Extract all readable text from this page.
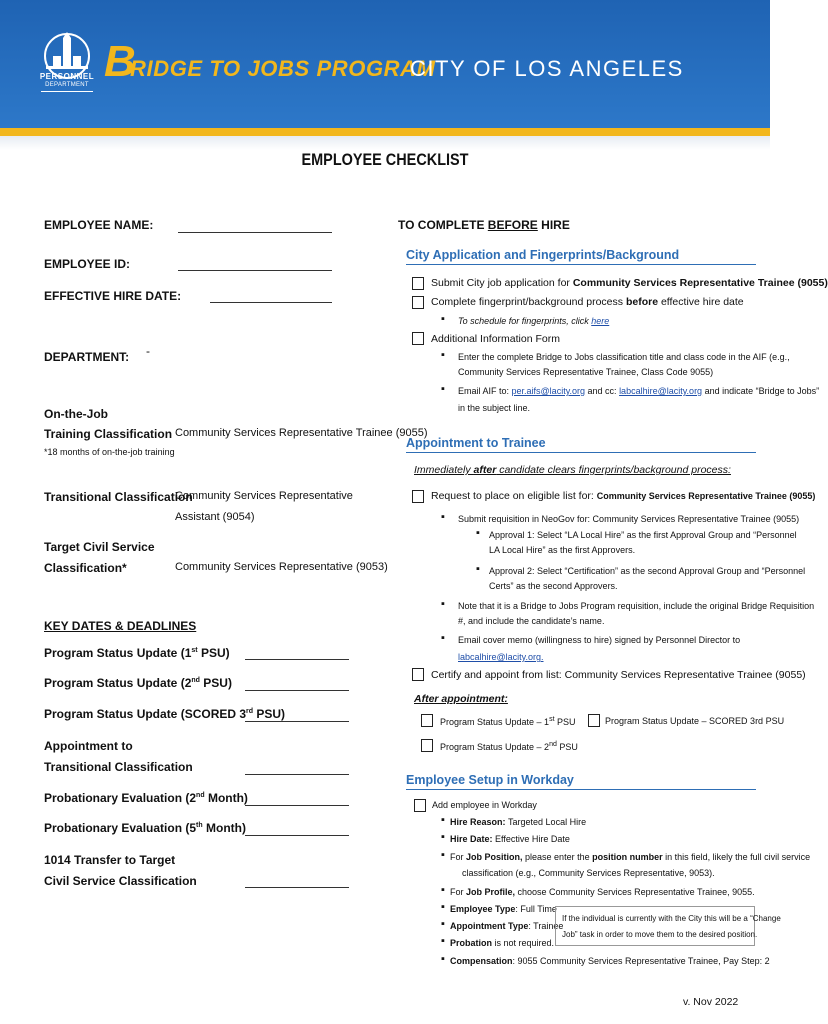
PERSONNEL
DEPARTMENT B
RIDGE TO JOBS PROGRAM
CITY OF LOS ANGELES
EMPLOYEE CHECKLIST
EMPLOYEE NAME:
EMPLOYEE ID:
EFFECTIVE HIRE DATE:
DEPARTMENT: -
On-the-Job
Training Classification Community Services Representative Trainee (9055)
*18 months of on-the-job training
Transitional Classification
Community Services Representative
Assistant (9054)
Target Civil Service
Classification*	Community Services Representative (9053)
KEY DATES & DEADLINES
Program Status Update (1st PSU)
Program Status Update (2nd PSU)
Program Status Update (SCORED 3rd PSU)
Appointment to
Transitional Classification
Probationary Evaluation (2nd Month)
Probationary Evaluation (5th Month)
1014 Transfer to Target
Civil Service Classification
TO COMPLETE BEFORE HIRE
City Application and Fingerprints/Background
Submit City job application for Community Services Representative Trainee (9055)
Complete fingerprint/background process before effective hire date
▪ To schedule for fingerprints, click here
Additional Information Form
▪ Enter the complete Bridge to Jobs classification title and class code in the AIF (e.g.,
Community Services Representative Trainee, Class Code 9055)
▪ Email AIF to: per.aifs@lacity.org and cc: labcalhire@lacity.org and indicate “Bridge to Jobs”
in the subject line.
Appointment to Trainee
Immediately after candidate clears fingerprints/background process:
Request to place on eligible list for: Community Services Representative Trainee (9055)
▪ Submit requisition in NeoGov for: Community Services Representative Trainee (9055)
▪ Approval 1: Select “LA Local Hire” as the first Approval Group and “Personnel
LA Local Hire” as the first Approvers.
▪ Approval 2: Select “Certification” as the second Approval Group and “Personnel
Certs” as the second Approvers.
▪ Note that it is a Bridge to Jobs Program requisition, include the original Bridge Requisition
#, and include the candidate’s name.
▪ Email cover memo (willingness to hire) signed by Personnel Director to
labcalhire@lacity.org.
Certify and appoint from list: Community Services Representative Trainee (9055)
After appointment:
Program Status Update – 1st PSU	Program Status Update – SCORED 3rd PSU
Program Status Update – 2nd PSU
Employee Setup in Workday
Add employee in Workday
▪ Hire Reason: Targeted Local Hire
▪ Hire Date: Effective Hire Date
▪ For Job Position, please enter the position number in this field, likely the full civil service
classification (e.g., Community Services Representative, 9053).
▪ For Job Profile, choose Community Services Representative Trainee, 9055.
▪ Employee Type: Full Time
▪ Appointment Type: Trainee
▪ Probation is not required.
▪ Compensation: 9055 Community Services Representative Trainee, Pay Step: 2
If the individual is currently with the City this will be a “Change
Job” task in order to move them to the desired position.
v. Nov 2022
